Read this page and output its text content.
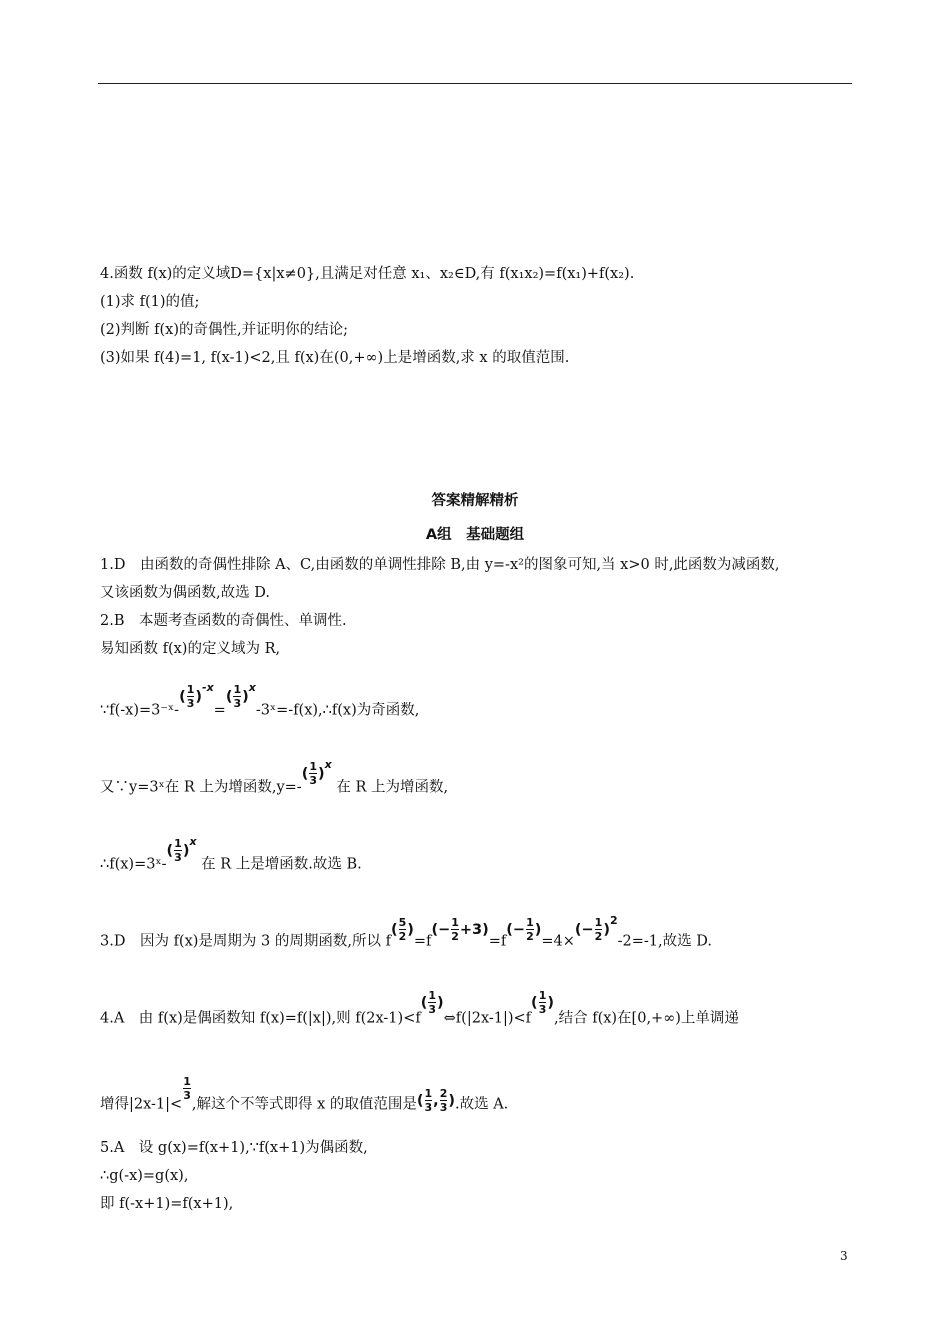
4.函数 f(x)的定义域D={x|x≠0},且满足对任意 x₁、x₂∈D,有 f(x₁x₂)=f(x₁)+f(x₂).
(1)求 f(1)的值;
(2)判断 f(x)的奇偶性,并证明你的结论;
(3)如果 f(4)=1, f(x-1)<2,且 f(x)在(0,+∞)上是增函数,求 x 的取值范围.
答案精解精析
A组　基础题组
1.D　由函数的奇偶性排除 A、C,由函数的单调性排除 B,由 y=-x²的图象可知,当 x>0 时,此函数为减函数,
又该函数为偶函数,故选 D.
2.B　本题考查函数的奇偶性、单调性.
易知函数 f(x)的定义域为 R,
∵f(-x)=3⁻ˣ-( $\frac{1}{3} )^{-x}=( \frac{1}{3}$ )$^x-3ˣ=-f(x),\therefore f(x)$为奇函数,
又∵y=3ˣ在 R 上为增函数$,y=-( \frac{1}{3} )^x$ 在 R 上为增函数,
∴f(x)=3ˣ-( $\frac{1}{3} )^x$ 在 R 上是增函数.故选 B.
3.D　因为 f(x)是周期为 3 的周期函数,所以 $f( \frac{5}{2} )=f(- \frac{1}{2} +3)=f(- \frac{1}{2} )=4\times(- \frac{1}{2} )^2-2=-1$,故选 D.
4.A　由 f(x)是偶函数知 f(x)=f(|x|),则 $f(2x-1)<f( \frac{1}{3}$ )⇔f(|2x-1|)<f( $\frac{1}{3}$ ),结合 f(x)在[0,+∞)上单调递
增得|2x-1|<
$\frac{1}{3}$
,解这个不等式即得 x 的取值范围是( $\frac{1}{3}$ , $\frac{2}{3}$ ).故选 A.
5.A　设 g(x)=f(x+1),∵f(x+1)为偶函数,
∴g(-x)=g(x),
即 f(-x+1)=f(x+1),
3
